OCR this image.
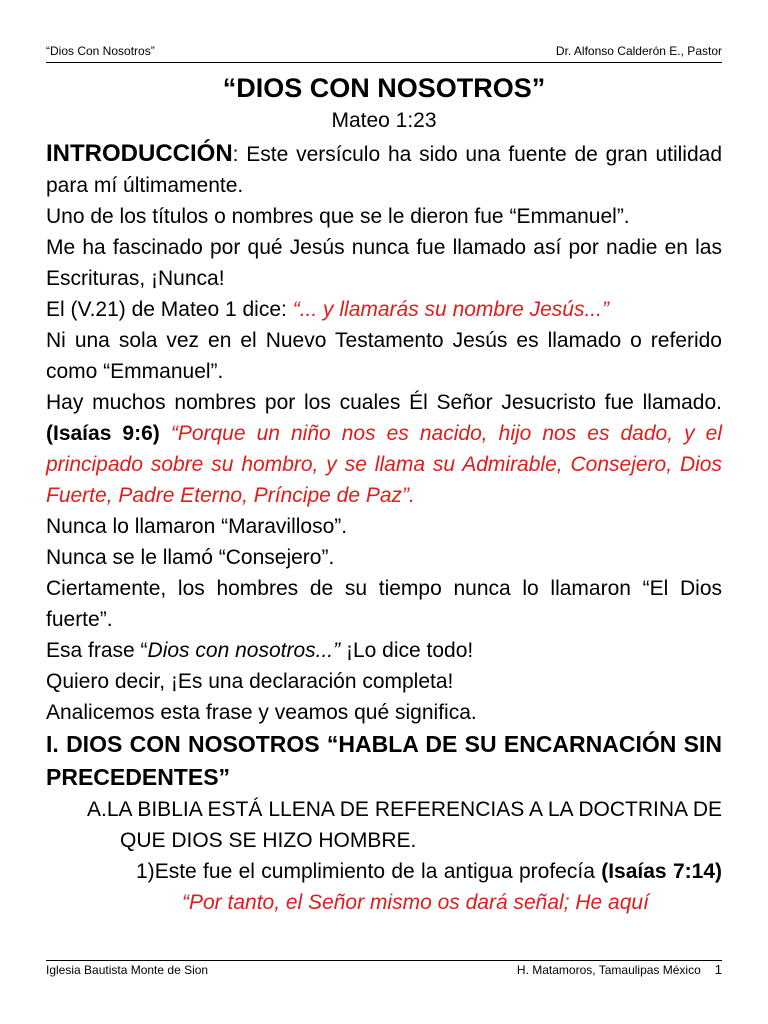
“Dios Con Nosotros”	Dr. Alfonso Calderón E., Pastor
“DIOS CON NOSOTROS”

Mateo 1:23

INTRODUCCIÓN: Este versículo ha sido una fuente de gran utilidad para mí últimamente.

Uno de los títulos o nombres que se le dieron fue “Emmanuel”.

Me ha fascinado por qué Jesús nunca fue llamado así por nadie en las Escrituras, ¡Nunca!

El (V.21) de Mateo 1 dice: “... y llamarás su nombre Jesús...”

Ni una sola vez en el Nuevo Testamento Jesús es llamado o referido como “Emmanuel”.

Hay muchos nombres por los cuales Él Señor Jesucristo fue llamado. (Isaías 9:6) “Porque un niño nos es nacido, hijo nos es dado, y el principado sobre su hombro, y se llama su Admirable, Consejero, Dios Fuerte, Padre Eterno, Príncipe de Paz”.

Nunca lo llamaron “Maravilloso”.

Nunca se le llamó “Consejero”.

Ciertamente, los hombres de su tiempo nunca lo llamaron “El Dios fuerte”.

Esa frase “Dios con nosotros...” ¡Lo dice todo!

Quiero decir, ¡Es una declaración completa!

Analicemos esta frase y veamos qué significa.

I. DIOS CON NOSOTROS “HABLA DE SU ENCARNACIÓN SIN PRECEDENTES”

A.LA BIBLIA ESTÁ LLENA DE REFERENCIAS A LA DOCTRINA DE QUE DIOS SE HIZO HOMBRE.

1)Este fue el cumplimiento de la antigua profecía (Isaías 7:14) “Por tanto, el Señor mismo os dará señal; He aquí

Iglesia Bautista Monte de Sion	H. Matamoros, Tamaulipas México 1
